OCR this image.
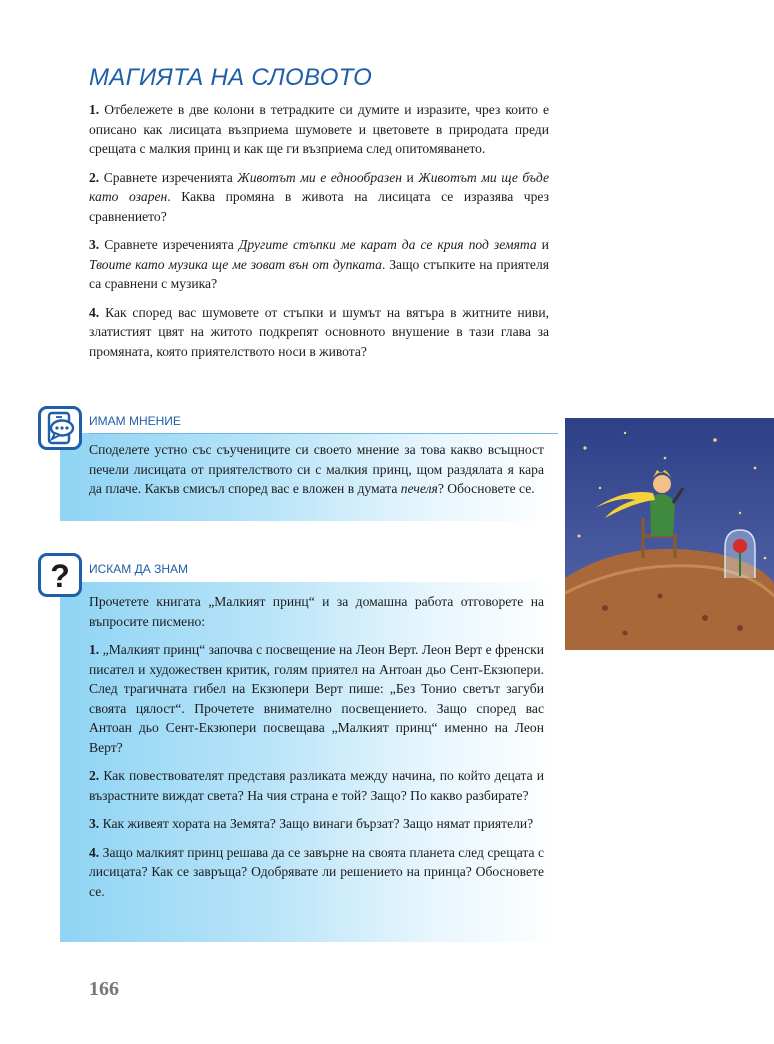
МАГИЯТА НА СЛОВОТО

1. Отбележете в две колони в тетрадките си думите и изразите, чрез които е описано как лисицата възприема шумовете и цветовете в природата преди срещата с малкия принц и как ще ги възприема след опитомяването.

2. Сравнете изреченията Животът ми е еднообразен и Животът ми ще бъде като озарен. Каква промяна в живота на лисицата се изразява чрез сравнението?

3. Сравнете изреченията Другите стъпки ме карат да се крия под земята и Твоите като музика ще ме зоват вън от дупката. Защо стъпките на приятеля са сравнени с музика?

4. Как според вас шумовете от стъпки и шумът на вятъра в житните ниви, златистият цвят на житото подкрепят основното внушение в тази глава за промяната, която приятелството носи в живота?

ИМАМ МНЕНИЕ

Споделете устно със съучениците си своето мнение за това какво всъщност печели лисицата от приятелството си с малкия принц, щом раздялата я кара да плаче. Какъв смисъл според вас е вложен в думата печеля? Обосновете се.

? ИСКАМ ДА ЗНАМ

Прочетете книгата „Малкият принц“ и за домашна работа отговорете на въпросите писмено:

1. „Малкият принц“ започва с посвещение на Леон Верт. Леон Верт е френски писател и художествен критик, голям приятел на Антоан дьо Сент-Екзюпери. След трагичната гибел на Екзюпери Верт пише: „Без Тонио светът загуби своята цялост“. Прочетете внимателно посвещението. Защо според вас Антоан дьо Сент-Екзюпери посвещава „Малкият принц“ именно на Леон Верт?

2. Как повествователят представя разликата между начина, по който децата и възрастните виждат света? На чия страна е той? Защо? По какво разбирате?

3. Как живеят хората на Земята? Защо винаги бързат? Защо нямат приятели?

4. Защо малкият принц решава да се завърне на своята планета след срещата с лисицата? Как се завръща? Одобрявате ли решението на принца? Обосновете се.

166
